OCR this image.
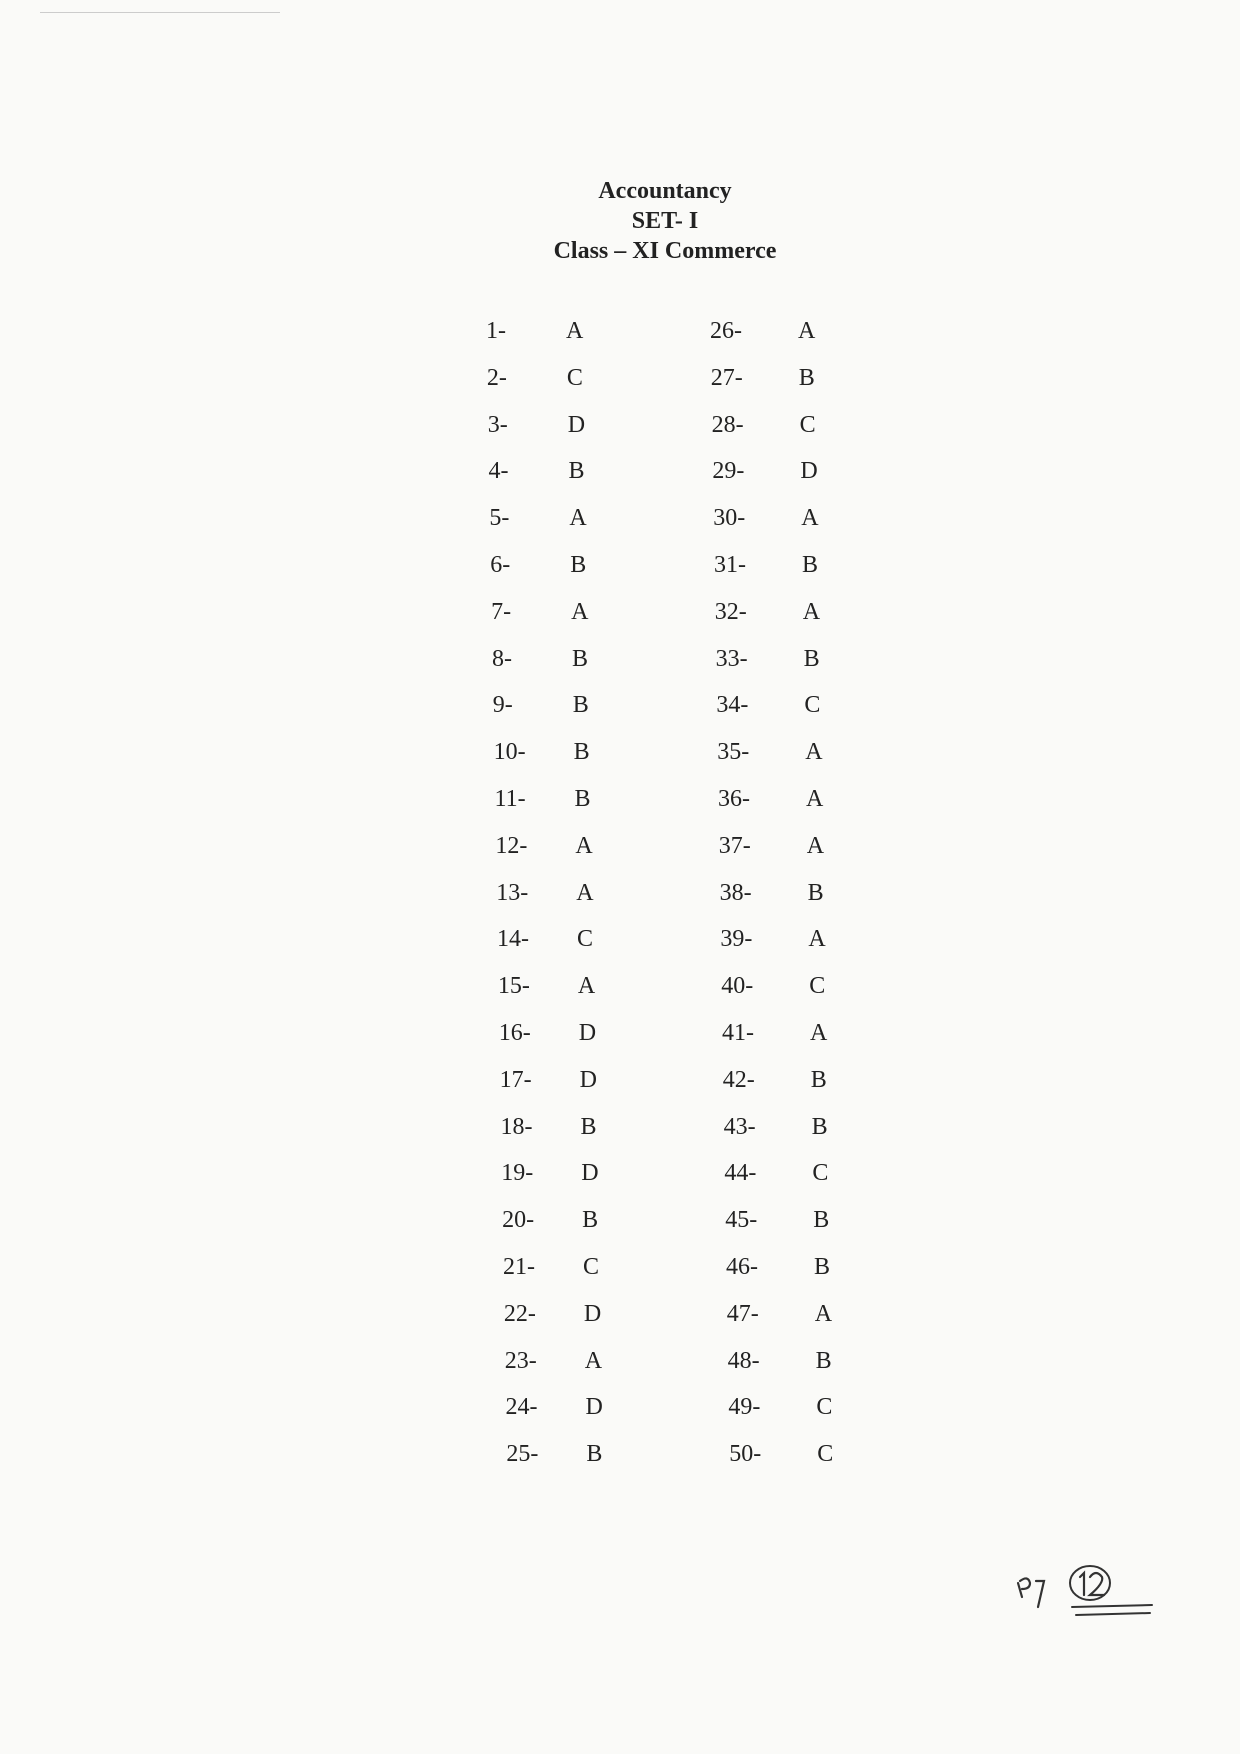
Accountancy
SET- I
Class – XI Commerce
1-	A
2-	C
3-	D
4-	B
5-	A
6-	B
7-	A
8-	B
9-	B
10- B
11- B
12- A
13- A
14- C
15- A
16- D
17- D
18- B
19- D
20- B
21- C
22- D
23- A
24- D
25- B
26- A
27- B
28- C
29- D
30- A
31- B
32- A
33- B
34- C
35- A
36- A
37- A
38- B
39- A
40- C
41- A
42- B
43- B
44- C
45- B
46- B
47- A
48- B
49- C
50- C
